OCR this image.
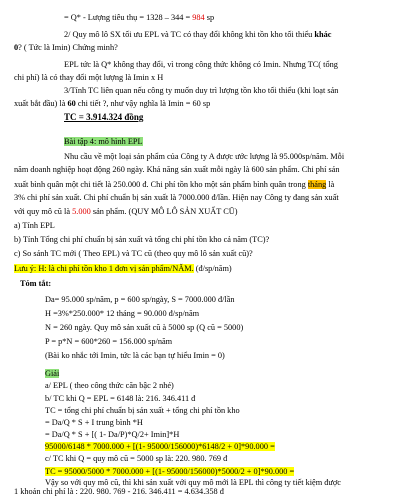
= Q* - Lượng tiêu thụ = 1328 – 344 = 984 sp
2/ Quy mô lô SX tối ưu EPL và TC có thay đổi không khi tồn kho tối thiểu khác
0? ( Tức là Imin) Chứng minh?
EPL tức là Q* không thay đổi, vì trong công thức không có Imin. Nhưng TC( tổng
chi phí) là có thay đổi một lượng là Imin x H
3/Tính TC liên quan nếu công ty muốn duy trì lượng tồn kho tối thiểu (khi loạt sản
xuất bắt đầu) là 60 chi tiết ?, như vậy nghĩa là Imin = 60 sp
TC = 3.914.324 đồng
Bài tập 4: mô hình EPL
Nhu cầu về một loại sản phẩm của Công ty A được ước lượng là 95.000sp/năm. Mỗi
năm doanh nghiệp hoạt động 260 ngày. Khả năng sản xuất mỗi ngày là 600 sản phẩm. Chi phí sản
xuất bình quân một chi tiết là 250.000 đ. Chi phí tồn kho một sản phẩm bình quân trong tháng là
3% chi phí sản xuất. Chi phí chuẩn bị sản xuất là 7000.000 đ/lần. Hiện nay Công ty đang sản xuất
với quy mô cũ là 5.000 sản phẩm. (QUY MÔ LÔ SẢN XUẤT CŨ)
a) Tính EPL
b) Tính Tổng chi phí chuẩn bị sản xuất và tổng chi phí tồn kho cả năm (TC)?
c) So sánh TC mới ( Theo EPL) và TC cũ (theo quy mô lô sản xuất cũ)?
Lưu ý: H: là chi phí tồn kho 1 đơn vị sản phẩm/NĂM. (đ/sp/năm)
Tóm tắt:
Da= 95.000 sp/năm, p = 600 sp/ngày, S = 7000.000 đ/lần
H =3%*250.000* 12 tháng = 90.000 đ/sp/năm
N = 260 ngày. Quy mô sản xuất cũ à 5000 sp (Q cũ = 5000)
P = p*N = 600*260 = 156.000 sp/năm
(Bài ko nhắc tới Imin, tức là các bạn tự hiểu Imin = 0)
Giải
a/ EPL ( theo công thức căn bậc 2 nhé)
b/ TC khi Q = EPL = 6148 là: 216. 346.411 đ
TC = tổng chi phí chuẩn bị sản xuất + tổng chi phí tồn kho
= Da/Q * S + I trung bình *H
= Da/Q * S + [( 1- Da/P)*Q/2+ Imin]*H
95000/6148 * 7000.000 + [(1- 95000/156000)*6148/2 + 0]*90.000 =
c/ TC khi Q = quy mô cũ = 5000 sp là: 220. 980. 769 đ
TC = 95000/5000 * 7000.000 + [(1- 95000/156000)*5000/2 + 0]*90.000 =
Vậy so với quy mô cũ, thì khi sản xuất với quy mô mới là EPL thì công ty tiết kiệm được
1 khoản chi phí là : 220. 980. 769 - 216. 346.411 = 4.634.358 đ
